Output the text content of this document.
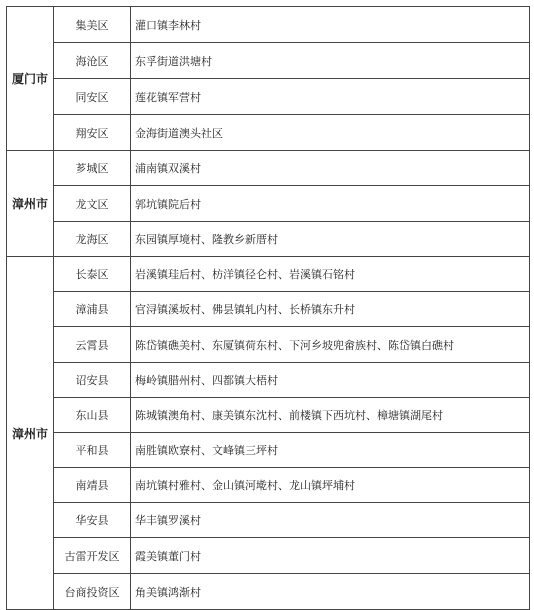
厦门市	集美区	灌口镇李林村
	海沧区	东孚街道洪塘村
	同安区	莲花镇军营村
	翔安区	金海街道澳头社区
漳州市	芗城区	浦南镇双溪村
	龙文区	郭坑镇院后村
	龙海区	东园镇厚境村、隆教乡新厝村
漳州市	长泰区	岩溪镇珪后村、枋洋镇径仑村、岩溪镇石铭村
	漳浦县	官浔镇溪坂村、佛昙镇轧内村、长桥镇东升村
	云霄县	陈岱镇礁美村、东厦镇荷东村、下河乡坡兜畲族村、陈岱镇白礁村
	诏安县	梅岭镇腊州村、四都镇大梧村
	东山县	陈城镇澳角村、康美镇东沈村、前楼镇下西坑村、樟塘镇湖尾村
	平和县	南胜镇欧寮村、文峰镇三坪村
	南靖县	南坑镇村雅村、金山镇河墘村、龙山镇坪埔村
	华安县	华丰镇罗溪村
	古雷开发区	霞美镇董门村
	台商投资区	角美镇鸿渐村
